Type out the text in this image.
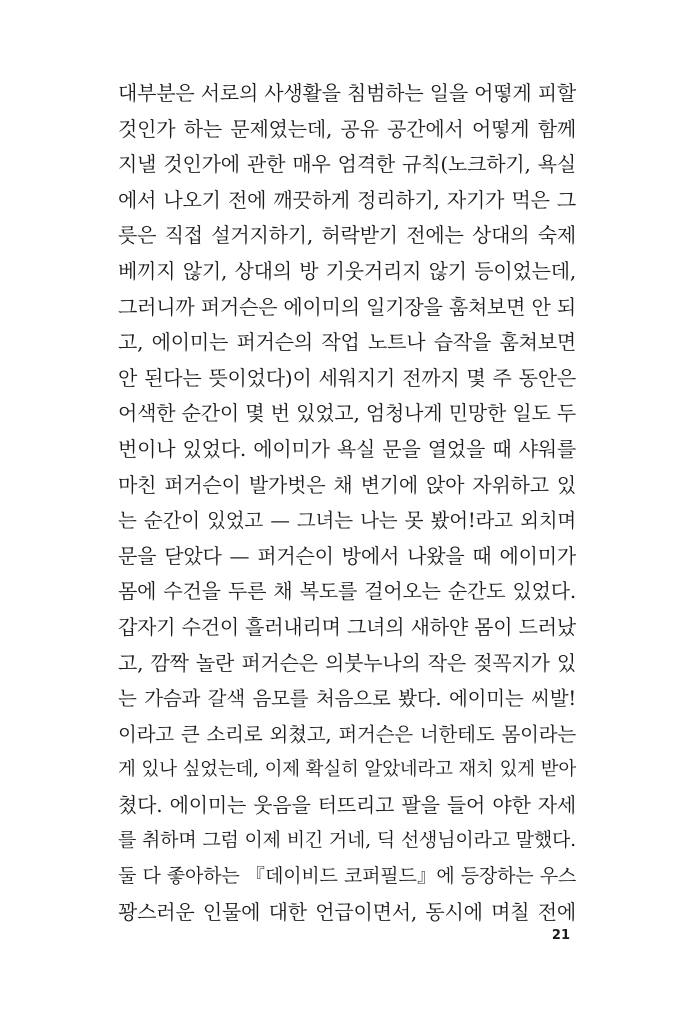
대부분은 서로의 사생활을 침범하는 일을 어떻게 피할
것인가 하는 문제였는데, 공유 공간에서 어떻게 함께
지낼 것인가에 관한 매우 엄격한 규칙(노크하기, 욕실
에서 나오기 전에 깨끗하게 정리하기, 자기가 먹은 그
릇은 직접 설거지하기, 허락받기 전에는 상대의 숙제
베끼지 않기, 상대의 방 기웃거리지 않기 등이었는데,
그러니까 퍼거슨은 에이미의 일기장을 훔쳐보면 안 되
고, 에이미는 퍼거슨의 작업 노트나 습작을 훔쳐보면
안 된다는 뜻이었다)이 세워지기 전까지 몇 주 동안은
어색한 순간이 몇 번 있었고, 엄청나게 민망한 일도 두
번이나 있었다. 에이미가 욕실 문을 열었을 때 샤워를
마친 퍼거슨이 발가벗은 채 변기에 앉아 자위하고 있
는 순간이 있었고 — 그녀는 나는 못 봤어!라고 외치며
문을 닫았다 — 퍼거슨이 방에서 나왔을 때 에이미가
몸에 수건을 두른 채 복도를 걸어오는 순간도 있었다.
갑자기 수건이 흘러내리며 그녀의 새하얀 몸이 드러났
고, 깜짝 놀란 퍼거슨은 의붓누나의 작은 젖꼭지가 있
는 가슴과 갈색 음모를 처음으로 봤다. 에이미는 씨발!
이라고 큰 소리로 외쳤고, 퍼거슨은 너한테도 몸이라는
게 있나 싶었는데, 이제 확실히 알았네라고 재치 있게 받아
쳤다. 에이미는 웃음을 터뜨리고 팔을 들어 야한 자세
를 취하며 그럼 이제 비긴 거네, 딕 선생님이라고 말했다.
둘 다 좋아하는 『데이비드 코퍼필드』에 등장하는 우스
꽝스러운 인물에 대한 언급이면서, 동시에 며칠 전에
21
